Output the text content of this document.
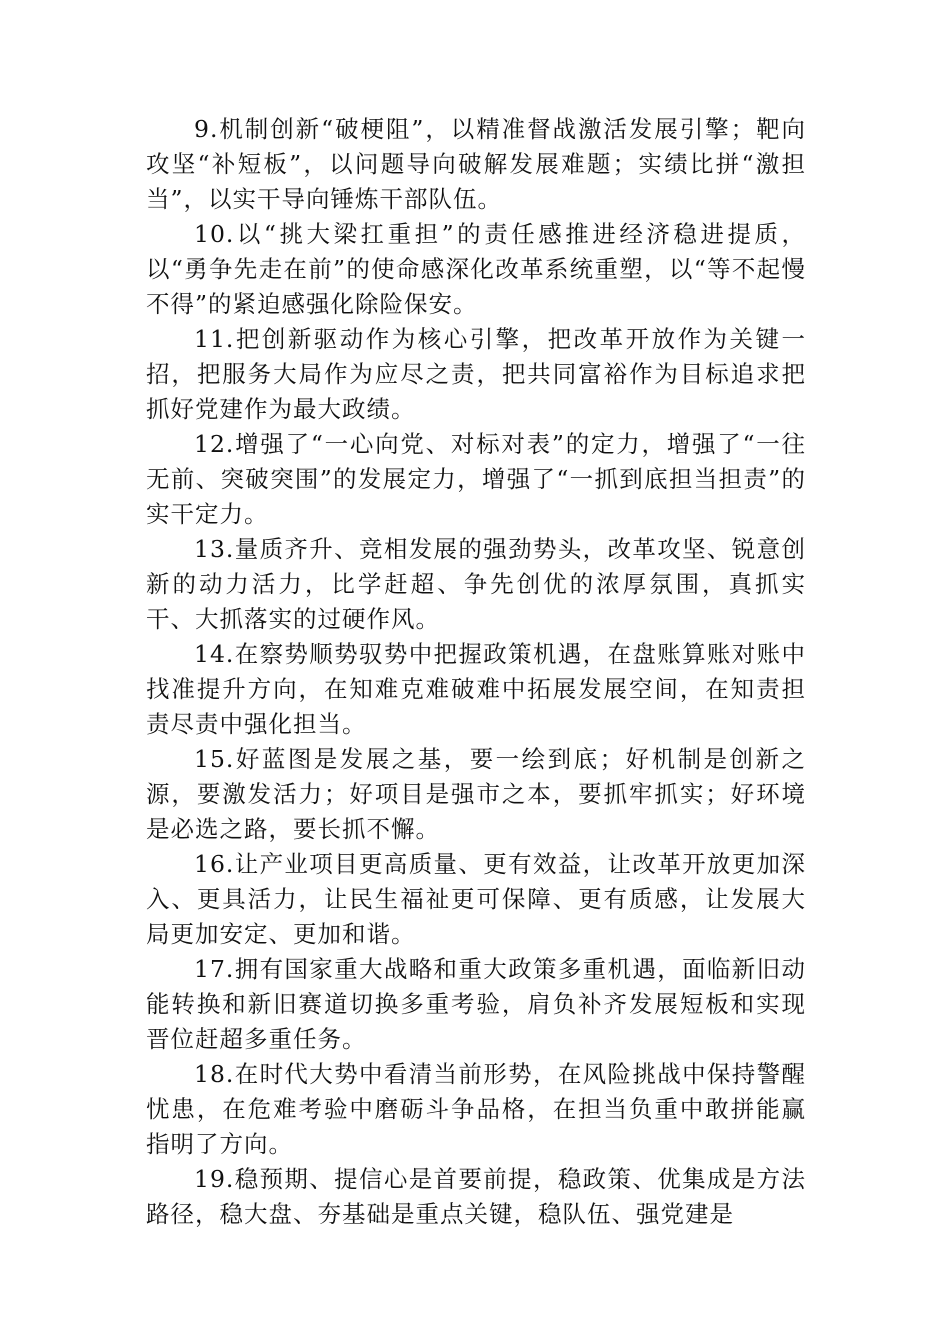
9.机制创新“破梗阻”，以精准督战激活发展引擎；靶向攻坚“补短板”，以问题导向破解发展难题；实绩比拼“激担当”，以实干导向锤炼干部队伍。

10.以“挑大梁扛重担”的责任感推进经济稳进提质，以“勇争先走在前”的使命感深化改革系统重塑，以“等不起慢不得”的紧迫感强化除险保安。

11.把创新驱动作为核心引擎，把改革开放作为关键一招，把服务大局作为应尽之责，把共同富裕作为目标追求把抓好党建作为最大政绩。

12.增强了“一心向党、对标对表”的定力，增强了“一往无前、突破突围”的发展定力，增强了“一抓到底担当担责”的实干定力。

13.量质齐升、竞相发展的强劲势头，改革攻坚、锐意创新的动力活力，比学赶超、争先创优的浓厚氛围，真抓实干、大抓落实的过硬作风。

14.在察势顺势驭势中把握政策机遇，在盘账算账对账中找准提升方向，在知难克难破难中拓展发展空间，在知责担责尽责中强化担当。

15.好蓝图是发展之基，要一绘到底；好机制是创新之源，要激发活力；好项目是强市之本，要抓牢抓实；好环境是必选之路，要长抓不懈。

16.让产业项目更高质量、更有效益，让改革开放更加深入、更具活力，让民生福祉更可保障、更有质感，让发展大局更加安定、更加和谐。

17.拥有国家重大战略和重大政策多重机遇，面临新旧动能转换和新旧赛道切换多重考验，肩负补齐发展短板和实现晋位赶超多重任务。

18.在时代大势中看清当前形势，在风险挑战中保持警醒忧患，在危难考验中磨砺斗争品格，在担当负重中敢拼能赢指明了方向。

19.稳预期、提信心是首要前提，稳政策、优集成是方法路径，稳大盘、夯基础是重点关键，稳队伍、强党建是
